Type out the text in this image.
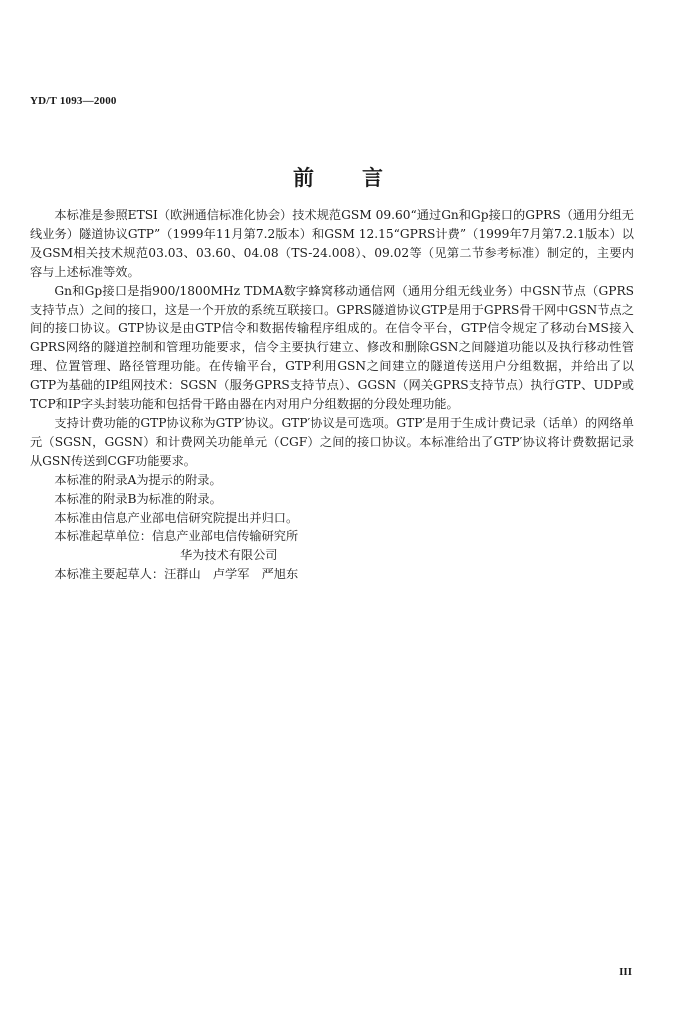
YD/T 1093—2000
前言

本标准是参照ETSI（欧洲通信标准化协会）技术规范GSM 09.60“通过Gn和Gp接口的GPRS（通用分组无线业务）隧道协议GTP”（1999年11月第7.2版本）和GSM 12.15“GPRS计费”（1999年7月第7.2.1版本）以及GSM相关技术规范03.03、03.60、04.08（TS-24.008）、09.02等（见第二节参考标准）制定的，主要内容与上述标准等效。

Gn和Gp接口是指900/1800MHz TDMA数字蜂窝移动通信网（通用分组无线业务）中GSN节点（GPRS支持节点）之间的接口，这是一个开放的系统互联接口。GPRS隧道协议GTP是用于GPRS骨干网中GSN节点之间的接口协议。GTP协议是由GTP信令和数据传输程序组成的。在信令平台，GTP信令规定了移动台MS接入GPRS网络的隧道控制和管理功能要求，信令主要执行建立、修改和删除GSN之间隧道功能以及执行移动性管理、位置管理、路径管理功能。在传输平台，GTP利用GSN之间建立的隧道传送用户分组数据，并给出了以GTP为基础的IP组网技术：SGSN（服务GPRS支持节点）、GGSN（网关GPRS支持节点）执行GTP、UDP或TCP和IP字头封装功能和包括骨干路由器在内对用户分组数据的分段处理功能。

支持计费功能的GTP协议称为GTP′协议。GTP′协议是可选项。GTP′是用于生成计费记录（话单）的网络单元（SGSN，GGSN）和计费网关功能单元（CGF）之间的接口协议。本标准给出了GTP′协议将计费数据记录从GSN传送到CGF功能要求。

本标准的附录A为提示的附录。

本标准的附录B为标准的附录。

本标准由信息产业部电信研究院提出并归口。

本标准起草单位：信息产业部电信传输研究所

华为技术有限公司

本标准主要起草人：汪群山　卢学军　严旭东

III
